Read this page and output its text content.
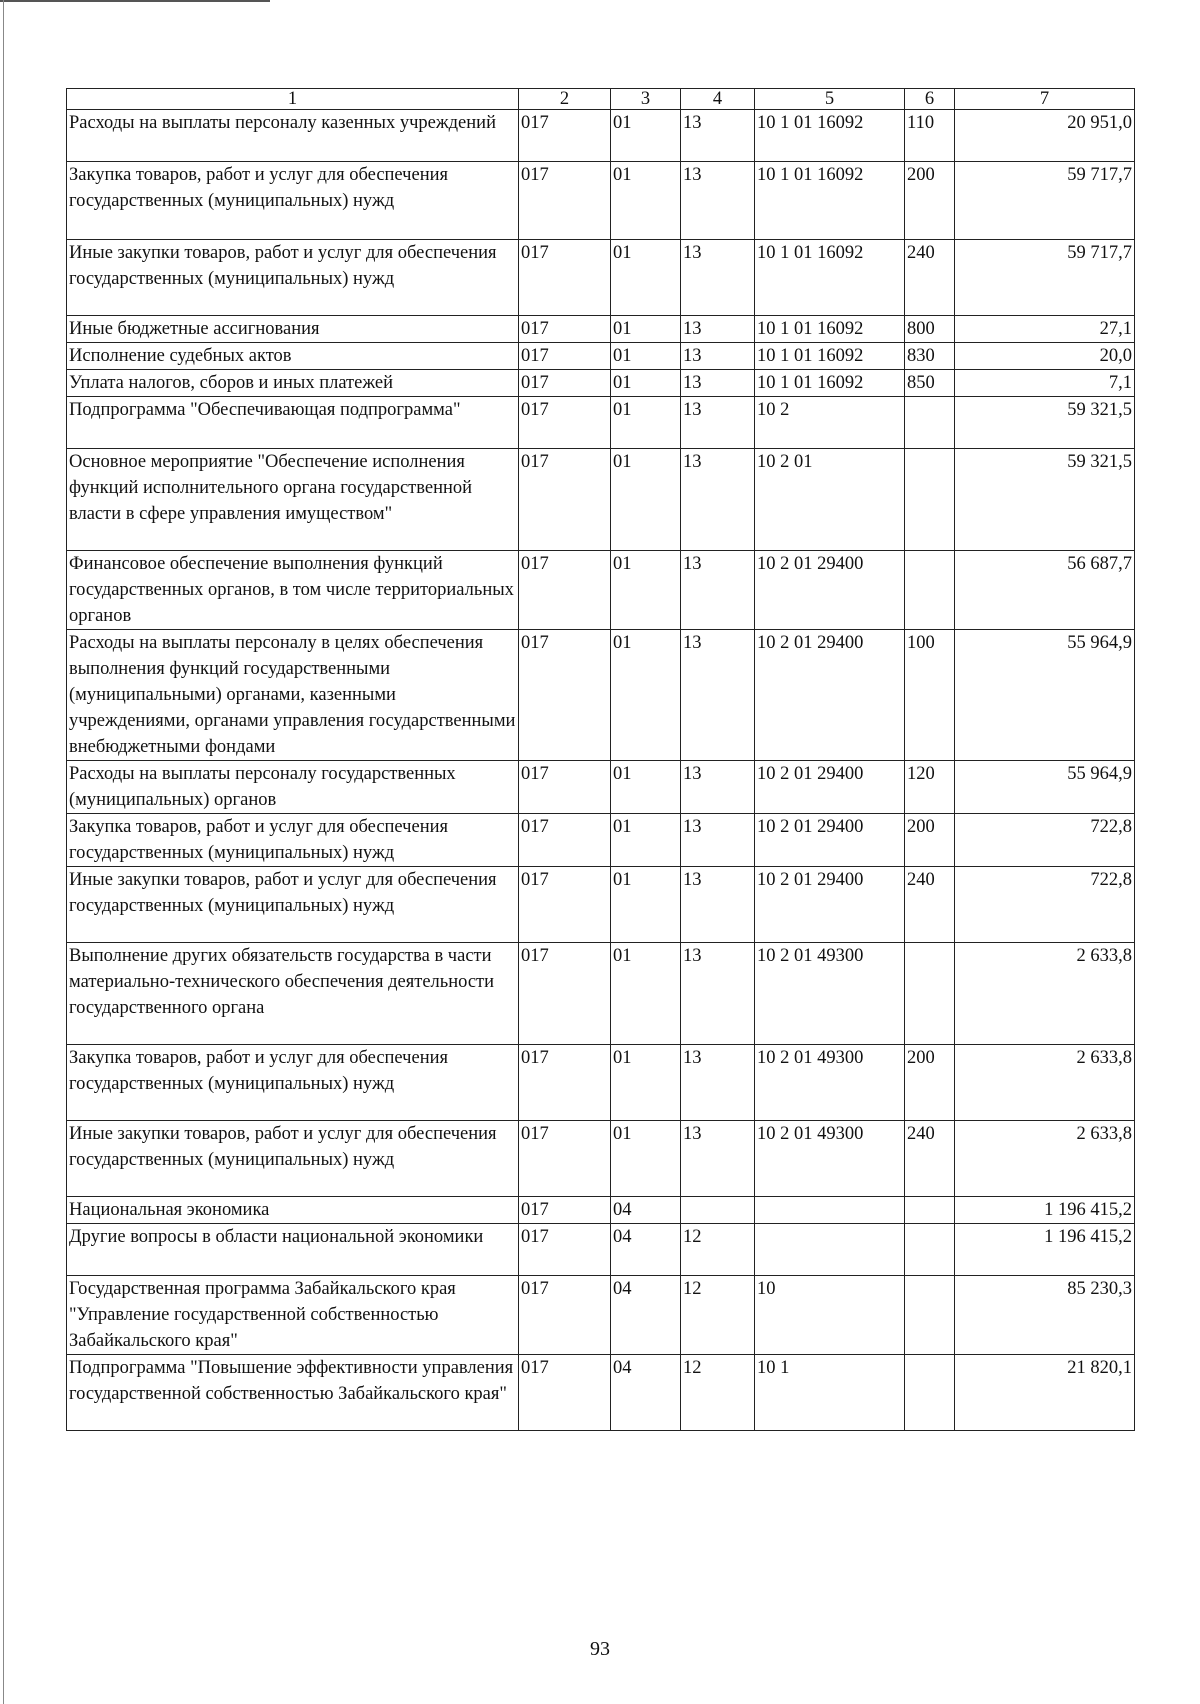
1	2	3	4	5	6	7
Расходы на выплаты персоналу казенных учреждений	017	01	13	10 1 01 16092	110	20 951,0
Закупка товаров, работ и услуг для обеспечения государственных (муниципальных) нужд	017	01	13	10 1 01 16092	200	59 717,7
Иные закупки товаров, работ и услуг для обеспечения государственных (муниципальных) нужд	017	01	13	10 1 01 16092	240	59 717,7
Иные бюджетные ассигнования	017	01	13	10 1 01 16092	800	27,1
Исполнение судебных актов	017	01	13	10 1 01 16092	830	20,0
Уплата налогов, сборов и иных платежей	017	01	13	10 1 01 16092	850	7,1
Подпрограмма "Обеспечивающая подпрограмма"	017	01	13	10 2		59 321,5
Основное мероприятие "Обеспечение исполнения функций исполнительного органа государственной власти в сфере управления имуществом"	017	01	13	10 2 01		59 321,5
Финансовое обеспечение выполнения функций государственных органов, в том числе территориальных органов	017	01	13	10 2 01 29400		56 687,7
Расходы на выплаты персоналу в целях обеспечения выполнения функций государственными (муниципальными) органами, казенными учреждениями, органами управления государственными внебюджетными фондами	017	01	13	10 2 01 29400	100	55 964,9
Расходы на выплаты персоналу государственных (муниципальных) органов	017	01	13	10 2 01 29400	120	55 964,9
Закупка товаров, работ и услуг для обеспечения государственных (муниципальных) нужд	017	01	13	10 2 01 29400	200	722,8
Иные закупки товаров, работ и услуг для обеспечения государственных (муниципальных) нужд	017	01	13	10 2 01 29400	240	722,8
Выполнение других обязательств государства в части материально-технического обеспечения деятельности государственного органа	017	01	13	10 2 01 49300		2 633,8
Закупка товаров, работ и услуг для обеспечения государственных (муниципальных) нужд	017	01	13	10 2 01 49300	200	2 633,8
Иные закупки товаров, работ и услуг для обеспечения государственных (муниципальных) нужд	017	01	13	10 2 01 49300	240	2 633,8
Национальная экономика	017	04				1 196 415,2
Другие вопросы в области национальной экономики	017	04	12			1 196 415,2
Государственная программа Забайкальского края "Управление государственной собственностью Забайкальского края"	017	04	12	10		85 230,3
Подпрограмма "Повышение эффективности управления государственной собственностью Забайкальского края"	017	04	12	10 1		21 820,1
93
